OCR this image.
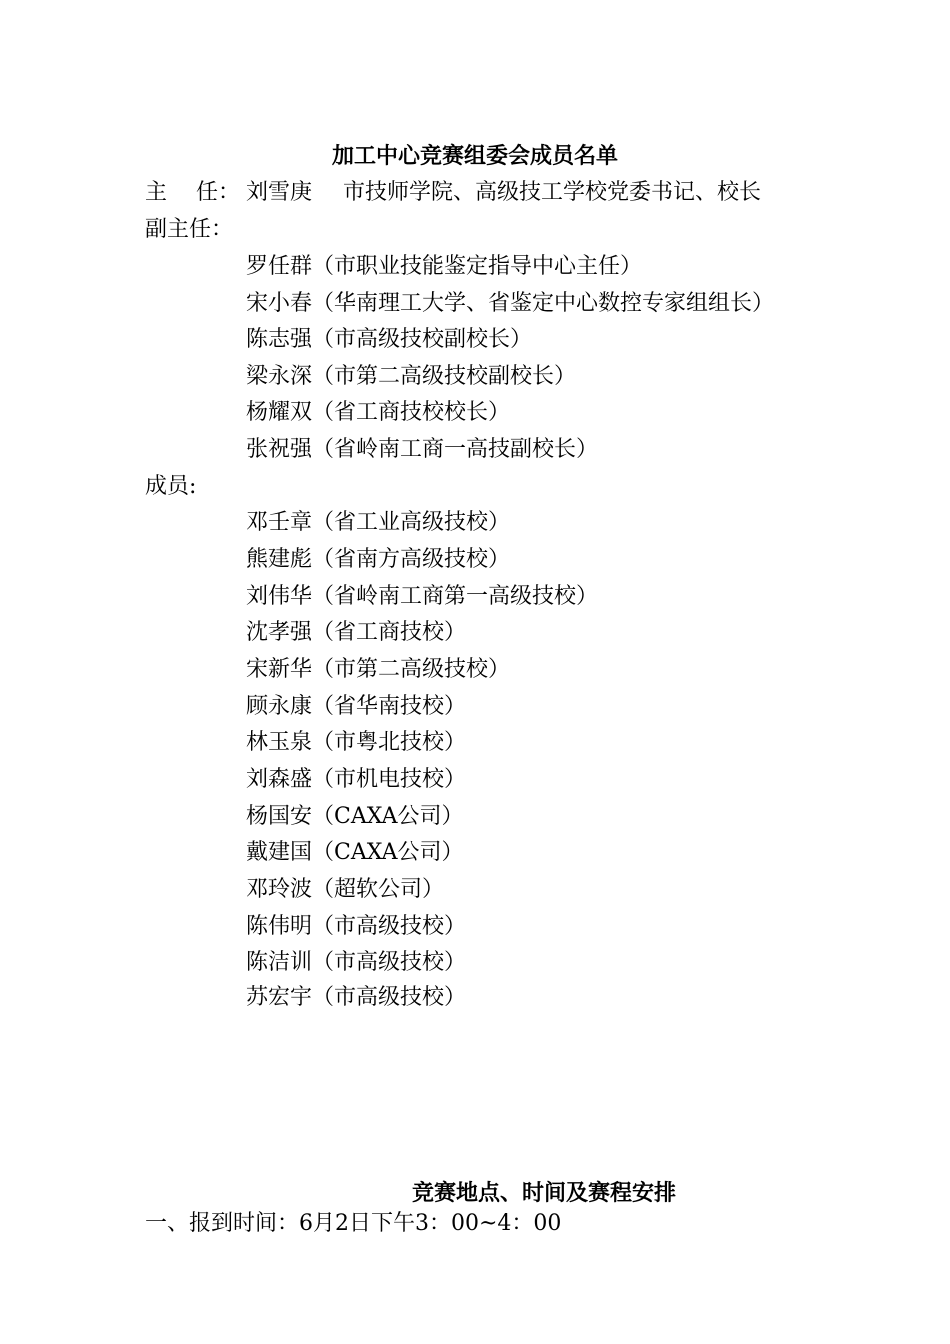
加工中心竞赛组委会成员名单
主　 任： 刘雪庚 市技师学院、高级技工学校党委书记、校长
副主任：
罗任群（市职业技能鉴定指导中心主任）
宋小春（华南理工大学、省鉴定中心数控专家组组长）
陈志强（市高级技校副校长）
梁永深（市第二高级技校副校长）
杨耀双（省工商技校校长）
张祝强（省岭南工商一高技副校长）
成员:
邓壬章（省工业高级技校）
熊建彪（省南方高级技校）
刘伟华（省岭南工商第一高级技校）
沈孝强（省工商技校）
宋新华（市第二高级技校）
顾永康（省华南技校）
林玉泉（市粤北技校）
刘森盛（市机电技校）
杨国安（CAXA公司）
戴建国（CAXA公司）
邓玲波（超软公司）
陈伟明（市高级技校）
陈洁训（市高级技校）
苏宏宇（市高级技校）
竞赛地点、时间及赛程安排
一、报到时间：6月2日下午3：00~4：00
